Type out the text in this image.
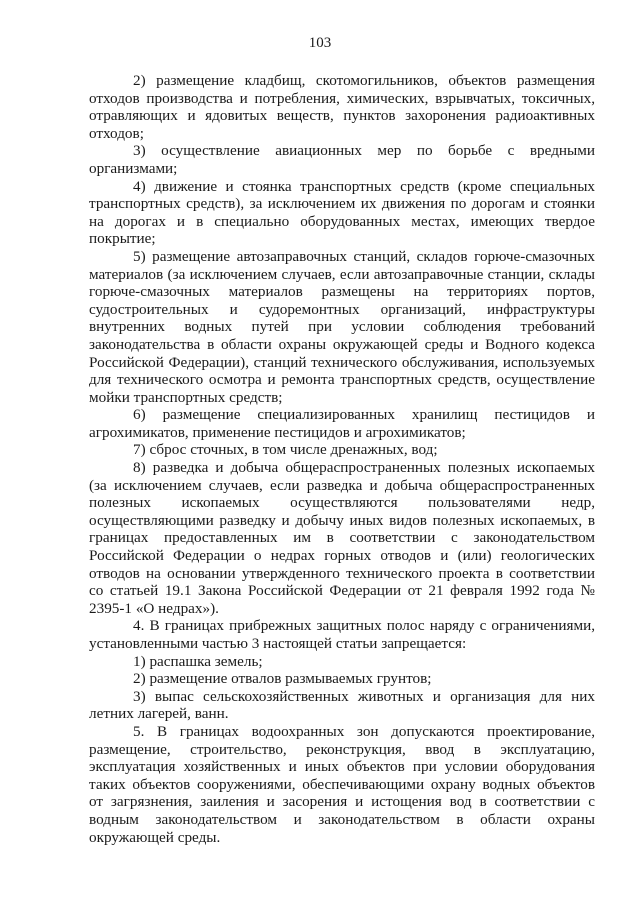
103

2) размещение кладбищ, скотомогильников, объектов размещения отходов производства и потребления, химических, взрывчатых, токсичных, отравляющих и ядовитых веществ, пунктов захоронения радиоактивных отходов;

3) осуществление авиационных мер по борьбе с вредными организмами;

4) движение и стоянка транспортных средств (кроме специальных транспортных средств), за исключением их движения по дорогам и стоянки на дорогах и в специально оборудованных местах, имеющих твердое покрытие;

5) размещение автозаправочных станций, складов горюче-смазочных материалов (за исключением случаев, если автозаправочные станции, склады горюче-смазочных материалов размещены на территориях портов, судостроительных и судоремонтных организаций, инфраструктуры внутренних водных путей при условии соблюдения требований законодательства в области охраны окружающей среды и Водного кодекса Российской Федерации), станций технического обслуживания, используемых для технического осмотра и ремонта транспортных средств, осуществление мойки транспортных средств;

6) размещение специализированных хранилищ пестицидов и агрохимикатов, применение пестицидов и агрохимикатов;

7) сброс сточных, в том числе дренажных, вод;

8) разведка и добыча общераспространенных полезных ископаемых (за исключением случаев, если разведка и добыча общераспространенных полезных ископаемых осуществляются пользователями недр, осуществляющими разведку и добычу иных видов полезных ископаемых, в границах предоставленных им в соответствии с законодательством Российской Федерации о недрах горных отводов и (или) геологических отводов на основании утвержденного технического проекта в соответствии со статьей 19.1 Закона Российской Федерации от 21 февраля 1992 года № 2395-1 «О недрах»).

4. В границах прибрежных защитных полос наряду с ограничениями, установленными частью 3 настоящей статьи запрещается:

1) распашка земель;

2) размещение отвалов размываемых грунтов;

3) выпас сельскохозяйственных животных и организация для них летних лагерей, ванн.

5. В границах водоохранных зон допускаются проектирование, размещение, строительство, реконструкция, ввод в эксплуатацию, эксплуатация хозяйственных и иных объектов при условии оборудования таких объектов сооружениями, обеспечивающими охрану водных объектов от загрязнения, заиления и засорения и истощения вод в соответствии с водным законодательством и законодательством в области охраны окружающей среды.
